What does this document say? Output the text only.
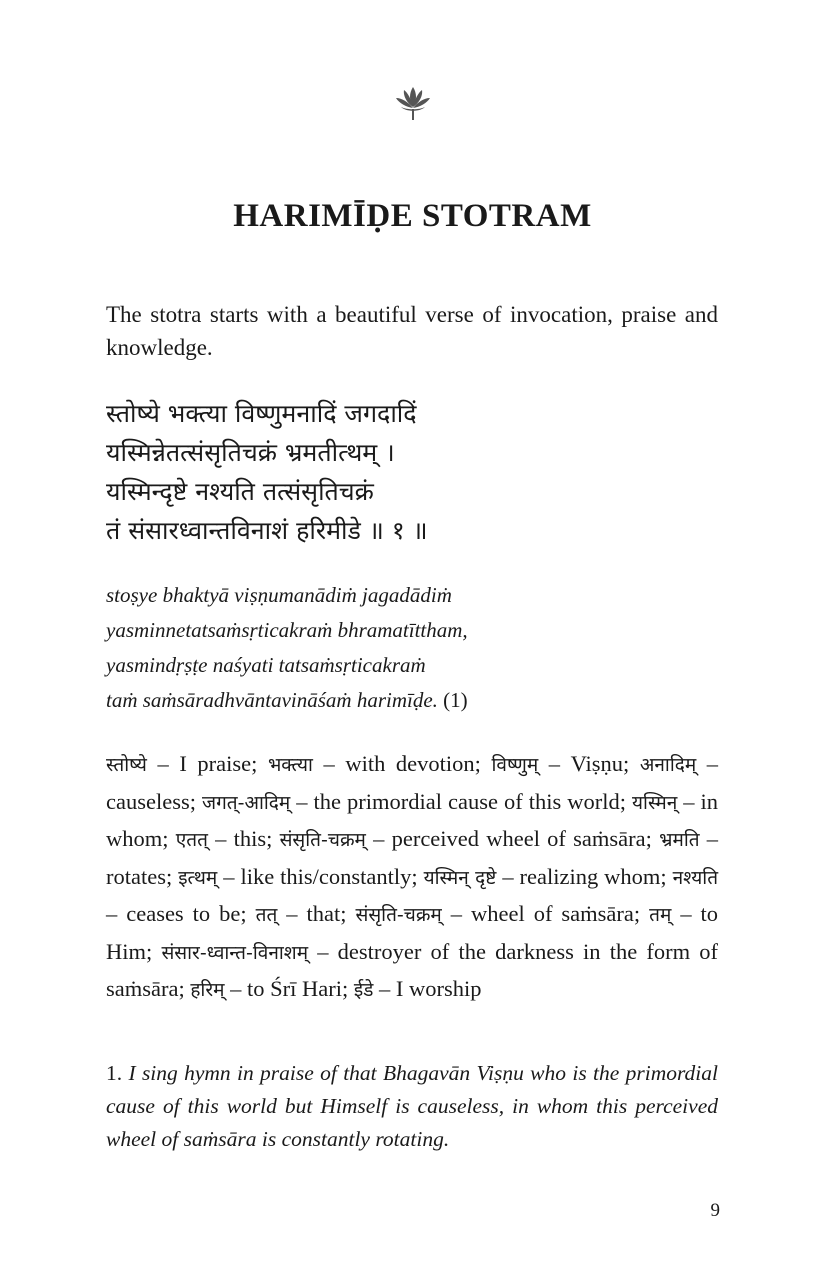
HARIMĪḌE STOTRAM
The stotra starts with a beautiful verse of invocation, praise and knowledge.
स्तोष्ये भक्त्या विष्णुमनादिं जगदादिं
यस्मिन्नेतत्संसृतिचक्रं भ्रमतीत्थम् ।
यस्मिन्दृष्टे नश्यति तत्संसृतिचक्रं
तं संसारध्वान्तविनाशं हरिमीडे ॥ १ ॥
stoṣye bhaktyā viṣṇumanādiṁ jagadādiṁ
yasminnetatsaṁsṛticakraṁ bhramatīttham,
yasmindṛṣṭe naśyati tatsaṁsṛticakraṁ
taṁ saṁsāradhvāntavināśaṁ harimīḍe. (1)
स्तोष्ये – I praise; भक्त्या – with devotion; विष्णुम् – Viṣṇu; अनादिम् – causeless; जगत्-आदिम् – the primordial cause of this world; यस्मिन् – in whom; एतत् – this; संसृति-चक्रम् – perceived wheel of saṁsāra; भ्रमति – rotates; इत्थम् – like this/constantly; यस्मिन् दृष्टे – realizing whom; नश्यति – ceases to be; तत् – that; संसृति-चक्रम् – wheel of saṁsāra; तम् – to Him; संसार-ध्वान्त-विनाशम् – destroyer of the darkness in the form of saṁsāra; हरिम् – to Śrī Hari; ईडे – I worship
1. I sing hymn in praise of that Bhagavān Viṣṇu who is the primordial cause of this world but Himself is causeless, in whom this perceived wheel of saṁsāra is constantly rotating.
9
